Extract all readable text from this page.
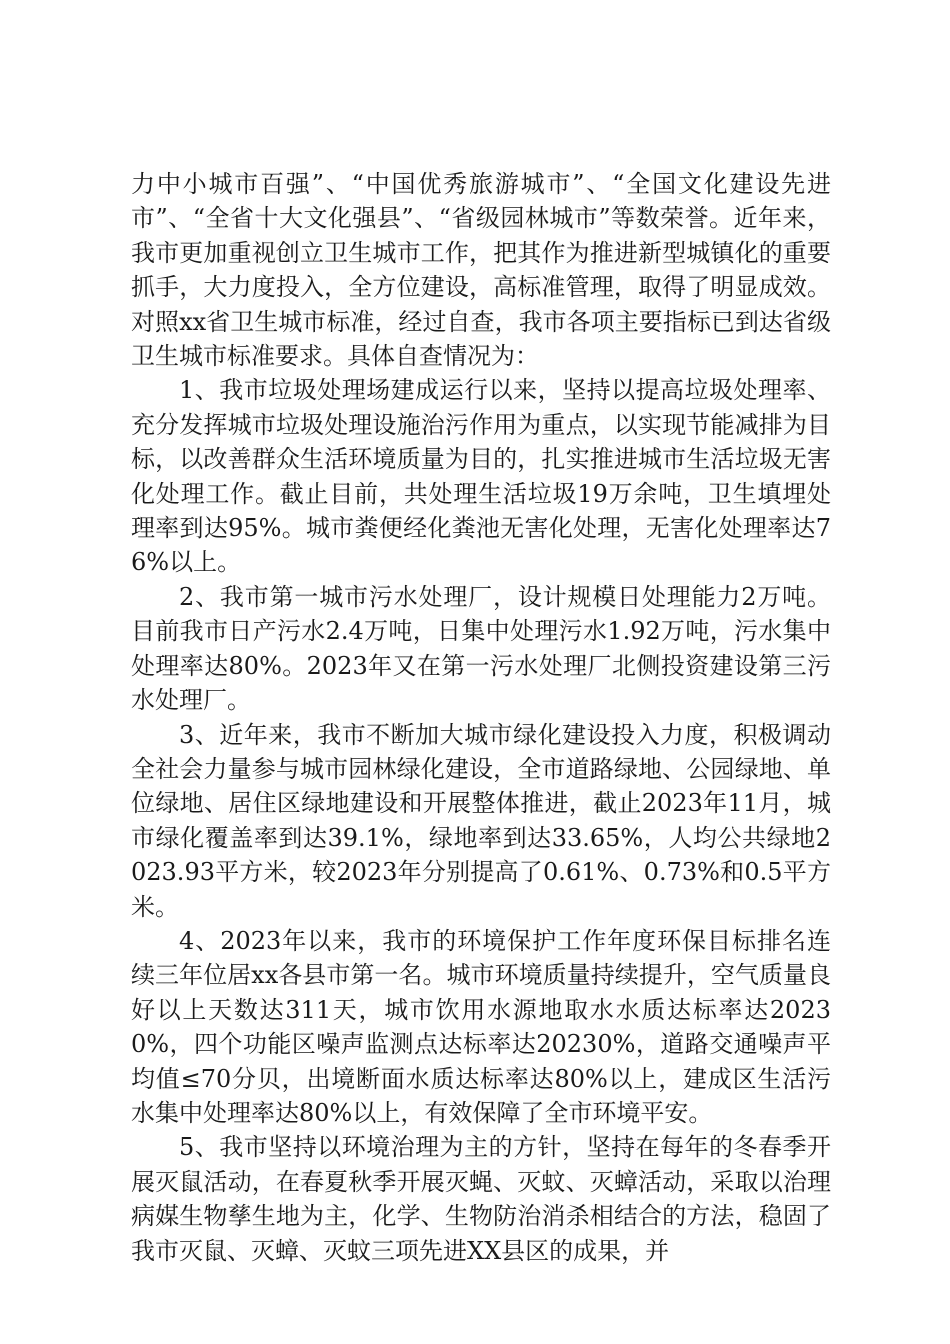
力中小城市百强”、“中国优秀旅游城市”、“全国文化建设先进市”、“全省十大文化强县”、“省级园林城市”等数荣誉。近年来，我市更加重视创立卫生城市工作，把其作为推进新型城镇化的重要抓手，大力度投入，全方位建设，高标准管理，取得了明显成效。对照xx省卫生城市标准，经过自查，我市各项主要指标已到达省级卫生城市标准要求。具体自查情况为：

1、我市垃圾处理场建成运行以来，坚持以提高垃圾处理率、充分发挥城市垃圾处理设施治污作用为重点，以实现节能减排为目标，以改善群众生活环境质量为目的，扎实推进城市生活垃圾无害化处理工作。截止目前，共处理生活垃圾19万余吨，卫生填埋处理率到达95%。城市粪便经化粪池无害化处理，无害化处理率达76%以上。

2、我市第一城市污水处理厂，设计规模日处理能力2万吨。目前我市日产污水2.4万吨，日集中处理污水1.92万吨，污水集中处理率达80%。2023年又在第一污水处理厂北侧投资建设第三污水处理厂。

3、近年来，我市不断加大城市绿化建设投入力度，积极调动全社会力量参与城市园林绿化建设，全市道路绿地、公园绿地、单位绿地、居住区绿地建设和开展整体推进，截止2023年11月，城市绿化覆盖率到达39.1%，绿地率到达33.65%，人均公共绿地2023.93平方米，较2023年分别提高了0.61%、0.73%和0.5平方米。

4、2023年以来，我市的环境保护工作年度环保目标排名连续三年位居xx各县市第一名。城市环境质量持续提升，空气质量良好以上天数达311天，城市饮用水源地取水水质达标率达20230%，四个功能区噪声监测点达标率达20230%，道路交通噪声平均值≤70分贝，出境断面水质达标率达80%以上，建成区生活污水集中处理率达80%以上，有效保障了全市环境平安。

5、我市坚持以环境治理为主的方针，坚持在每年的冬春季开展灭鼠活动，在春夏秋季开展灭蝇、灭蚊、灭蟑活动，采取以治理病媒生物孳生地为主，化学、生物防治消杀相结合的方法，稳固了我市灭鼠、灭蟑、灭蚊三项先进XX县区的成果，并
